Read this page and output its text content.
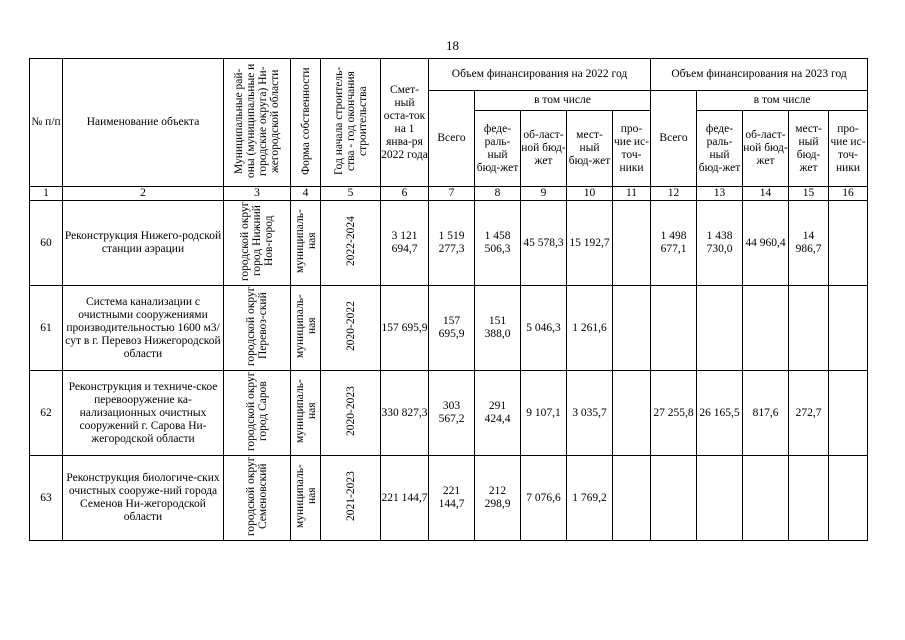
18
№ п/п	Наименование объекта	Муниципальные рай-оны (муниципальные и городские округа) Ни-жегородской области	Форма собственности	Год начала строитель-ства - год окончания строительства	Смет-ный оста-ток на 1 янва-ря 2022 года	Объем финансирования на 2022 год					Объем финансирования на 2023 год				
						Всего	в том числе				Всего	в том числе			
							феде-раль-ный бюд-жет	об-ласт-ной бюд-жет	мест-ный бюд-жет	про-чие ис-точ-ники		феде-раль-ный бюд-жет	об-ласт-ной бюд-жет	мест-ный бюд-жет	про-чие ис-точ-ники
1	2	3	4	5	6	7	8	9	10	11	12	13	14	15	16
60	Реконструкция Нижего-родской станции аэрации	городской округ город Нижний Нов-город	муниципаль-ная	2022-2024	3 121 694,7	1 519 277,3	1 458 506,3	45 578,3	15 192,7		1 498 677,1	1 438 730,0	44 960,4	14 986,7	
61	Система канализации с очистными сооружениями производительностью 1600 м3/сут в г. Перевоз Нижегородской области	городской округ Перевоз-ский	муниципаль-ная	2020-2022	157 695,9	157 695,9	151 388,0	5 046,3	1 261,6						
62	Реконструкция и техниче-ское перевооружение ка-нализационных очистных сооружений г. Сарова Ни-жегородской области	городской округ город Саров	муниципаль-ная	2020-2023	330 827,3	303 567,2	291 424,4	9 107,1	3 035,7		27 255,8	26 165,5	817,6	272,7	
63	Реконструкция биологиче-ских очистных сооруже-ний города Семенов Ни-жегородской области	городской округ Семеновский	муниципаль-ная	2021-2023	221 144,7	221 144,7	212 298,9	7 076,6	1 769,2						
